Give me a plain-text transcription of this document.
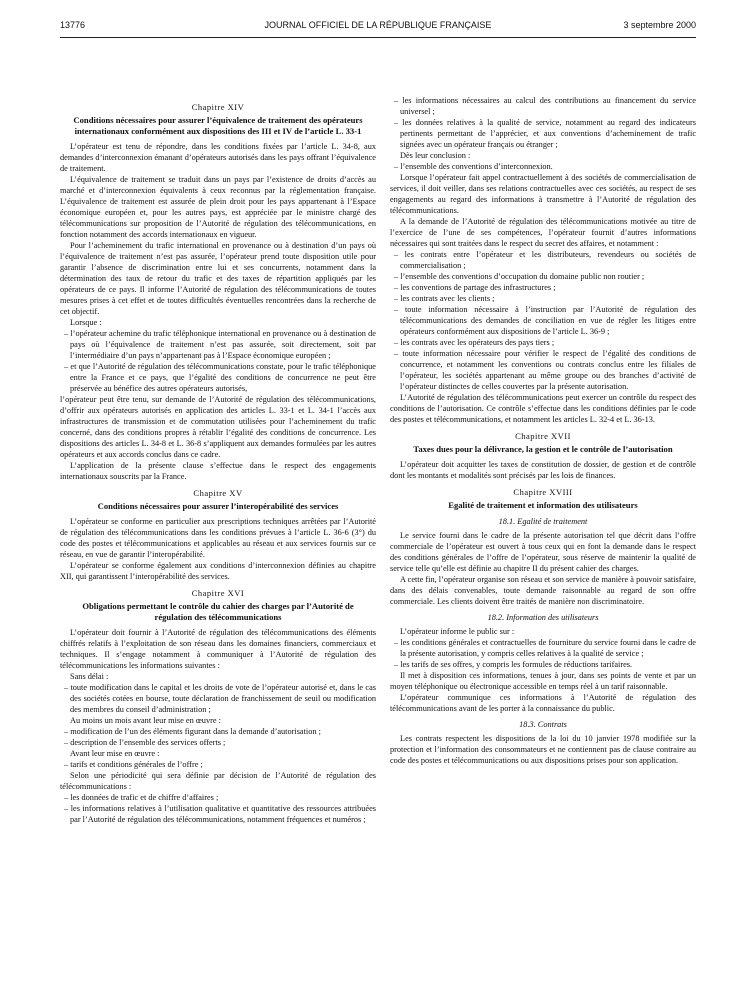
13776	JOURNAL OFFICIEL DE LA RÉPUBLIQUE FRANÇAISE	3 septembre 2000
Chapitre XIV
Conditions nécessaires pour assurer l’équivalence de traitement des opérateurs internationaux conformément aux dispositions des III et IV de l’article L. 33-1

L’opérateur est tenu de répondre, dans les conditions fixées par l’article L. 34-8, aux demandes d’interconnexion émanant d’opérateurs autorisés dans les pays offrant l’équivalence de traitement.

L’équivalence de traitement se traduit dans un pays par l’existence de droits d’accès au marché et d’interconnexion équivalents à ceux reconnus par la réglementation française. L’équivalence de traitement est assurée de plein droit pour les pays appartenant à l’Espace économique européen et, pour les autres pays, est appréciée par le ministre chargé des télécommunications sur proposition de l’Autorité de régulation des télécommunications, en fonction notamment des accords internationaux en vigueur.

Pour l’acheminement du trafic international en provenance ou à destination d’un pays où l’équivalence de traitement n’est pas assurée, l’opérateur prend toute disposition utile pour garantir l’absence de discrimination entre lui et ses concurrents, notamment dans la détermination des taux de retour du trafic et des taxes de répartition appliqués par les opérateurs de ce pays. Il informe l’Autorité de régulation des télécommunications de toutes mesures prises à cet effet et de toutes difficultés éventuelles rencontrées dans la recherche de cet objectif.

Lorsque :

– l’opérateur achemine du trafic téléphonique international en provenance ou à destination de pays où l’équivalence de traitement n’est pas assurée, soit directement, soit par l’intermédiaire d’un pays n’appartenant pas à l’Espace économique européen ;

– et que l’Autorité de régulation des télécommunications constate, pour le trafic téléphonique entre la France et ce pays, que l’égalité des conditions de concurrence ne peut être préservée au bénéfice des autres opérateurs autorisés,

l’opérateur peut être tenu, sur demande de l’Autorité de régulation des télécommunications, d’offrir aux opérateurs autorisés en application des articles L. 33-1 et L. 34-1 l’accès aux infrastructures de transmission et de commutation utilisées pour l’acheminement du trafic concerné, dans des conditions propres à rétablir l’égalité des conditions de concurrence. Les dispositions des articles L. 34-8 et L. 36-8 s’appliquent aux demandes formulées par les autres opérateurs et aux accords conclus dans ce cadre.

L’application de la présente clause s’effectue dans le respect des engagements internationaux souscrits par la France.

Chapitre XV
Conditions nécessaires pour assurer l’interopérabilité des services

L’opérateur se conforme en particulier aux prescriptions techniques arrêtées par l’Autorité de régulation des télécommunications dans les conditions prévues à l’article L. 36-6 (3°) du code des postes et télécommunications et applicables au réseau et aux services fournis sur ce réseau, en vue de garantir l’interopérabilité.

L’opérateur se conforme également aux conditions d’interconnexion définies au chapitre XII, qui garantissent l’interopérabilité des services.

Chapitre XVI
Obligations permettant le contrôle du cahier des charges par l’Autorité de régulation des télécommunications

L’opérateur doit fournir à l’Autorité de régulation des télécommunications des éléments chiffrés relatifs à l’exploitation de son réseau dans les domaines financiers, commerciaux et techniques. Il s’engage notamment à communiquer à l’Autorité de régulation des télécommunications les informations suivantes :

Sans délai :

– toute modification dans le capital et les droits de vote de l’opérateur autorisé et, dans le cas des sociétés cotées en bourse, toute déclaration de franchissement de seuil ou modification des membres du conseil d’administration ;

Au moins un mois avant leur mise en œuvre :

– modification de l’un des éléments figurant dans la demande d’autorisation ;

– description de l’ensemble des services offerts ;

Avant leur mise en œuvre :

– tarifs et conditions générales de l’offre ;

Selon une périodicité qui sera définie par décision de l’Autorité de régulation des télécommunications :

– les données de trafic et de chiffre d’affaires ;

– les informations relatives à l’utilisation qualitative et quantitative des ressources attribuées par l’Autorité de régulation des télécommunications, notamment fréquences et numéros ;

– les informations nécessaires au calcul des contributions au financement du service universel ;

– les données relatives à la qualité de service, notamment au regard des indicateurs pertinents permettant de l’apprécier, et aux conventions d’acheminement de trafic signées avec un opérateur français ou étranger ;

Dès leur conclusion :

– l’ensemble des conventions d’interconnexion.

Lorsque l’opérateur fait appel contractuellement à des sociétés de commercialisation de services, il doit veiller, dans ses relations contractuelles avec ces sociétés, au respect de ses engagements au regard des informations à transmettre à l’Autorité de régulation des télécommunications.

A la demande de l’Autorité de régulation des télécommunications motivée au titre de l’exercice de l’une de ses compétences, l’opérateur fournit d’autres informations nécessaires qui sont traitées dans le respect du secret des affaires, et notamment :

– les contrats entre l’opérateur et les distributeurs, revendeurs ou sociétés de commercialisation ;

– l’ensemble des conventions d’occupation du domaine public non routier ;

– les conventions de partage des infrastructures ;

– les contrats avec les clients ;

– toute information nécessaire à l’instruction par l’Autorité de régulation des télécommunications des demandes de conciliation en vue de régler les litiges entre opérateurs conformément aux dispositions de l’article L. 36-9 ;

– les contrats avec les opérateurs des pays tiers ;

– toute information nécessaire pour vérifier le respect de l’égalité des conditions de concurrence, et notamment les conventions ou contrats conclus entre les filiales de l’opérateur, les sociétés appartenant au même groupe ou des branches d’activité de l’opérateur distinctes de celles couvertes par la présente autorisation.

L’Autorité de régulation des télécommunications peut exercer un contrôle du respect des conditions de l’autorisation. Ce contrôle s’effectue dans les conditions définies par le code des postes et télécommunications, et notamment les articles L. 32-4 et L. 36-13.

Chapitre XVII
Taxes dues pour la délivrance, la gestion et le contrôle de l’autorisation

L’opérateur doit acquitter les taxes de constitution de dossier, de gestion et de contrôle dont les montants et modalités sont précisés par les lois de finances.

Chapitre XVIII
Egalité de traitement et information des utilisateurs
18.1. Egalité de traitement

Le service fourni dans le cadre de la présente autorisation tel que décrit dans l’offre commerciale de l’opérateur est ouvert à tous ceux qui en font la demande dans le respect des conditions générales de l’offre de l’opérateur, sous réserve de maintenir la qualité de service telle qu’elle est définie au chapitre II du présent cahier des charges.

A cette fin, l’opérateur organise son réseau et son service de manière à pouvoir satisfaire, dans des délais convenables, toute demande raisonnable au regard de son offre commerciale. Les clients doivent être traités de manière non discriminatoire.

18.2. Information des utilisateurs

L’opérateur informe le public sur :

– les conditions générales et contractuelles de fourniture du service fourni dans le cadre de la présente autorisation, y compris celles relatives à la qualité de service ;

– les tarifs de ses offres, y compris les formules de réductions tarifaires.

Il met à disposition ces informations, tenues à jour, dans ses points de vente et par un moyen téléphonique ou électronique accessible en temps réel à un tarif raisonnable.

L’opérateur communique ces informations à l’Autorité de régulation des télécommunications avant de les porter à la connaissance du public.

18.3. Contrats

Les contrats respectent les dispositions de la loi du 10 janvier 1978 modifiée sur la protection et l’information des consommateurs et ne contiennent pas de clause contraire au code des postes et télécommunications ou aux dispositions prises pour son application.
